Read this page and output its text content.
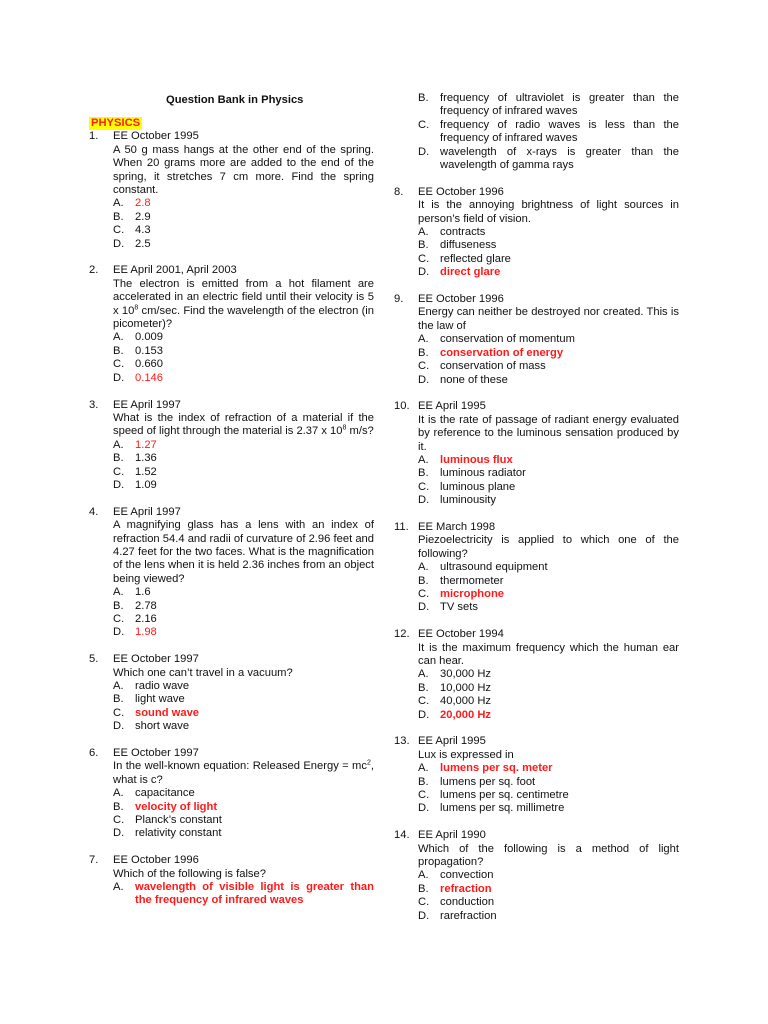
Question Bank in Physics
PHYSICS
1. EE October 1995
A 50 g mass hangs at the other end of the spring. When 20 grams more are added to the end of the spring, it stretches 7 cm more. Find the spring constant.
A. 2.8
B. 2.9
C. 4.3
D. 2.5
2. EE April 2001, April 2003
The electron is emitted from a hot filament are accelerated in an electric field until their velocity is 5 x $10^8$ cm/sec. Find the wavelength of the electron (in picometer)?
A. 0.009
B. 0.153
C. 0.660
D. 0.146
3. EE April 1997
What is the index of refraction of a material if the speed of light through the material is 2.37 x $10^8$ m/s?
A. 1.27
B. 1.36
C. 1.52
D. 1.09
4. EE April 1997
A magnifying glass has a lens with an index of refraction 54.4 and radii of curvature of 2.96 feet and 4.27 feet for the two faces. What is the magnification of the lens when it is held 2.36 inches from an object being viewed?
A. 1.6
B. 2.78
C. 2.16
D. 1.98
5. EE October 1997
Which one can’t travel in a vacuum?
A. radio wave
B. light wave
C. sound wave
D. short wave
6. EE October 1997
In the well-known equation: Released Energy = $mc^2$, what is c?
A. capacitance
B. velocity of light
C. Planck’s constant
D. relativity constant
7. EE October 1996
Which of the following is false?
A. wavelength of visible light is greater than the frequency of infrared waves
B. frequency of ultraviolet is greater than the frequency of infrared waves
C. frequency of radio waves is less than the frequency of infrared waves
D. wavelength of x-rays is greater than the wavelength of gamma rays
8. EE October 1996
It is the annoying brightness of light sources in person’s field of vision.
A. contracts
B. diffuseness
C. reflected glare
D. direct glare
9. EE October 1996
Energy can neither be destroyed nor created. This is the law of
A. conservation of momentum
B. conservation of energy
C. conservation of mass
D. none of these
10. EE April 1995
It is the rate of passage of radiant energy evaluated by reference to the luminous sensation produced by it.
A. luminous flux
B. luminous radiator
C. luminous plane
D. luminousity
11. EE March 1998
Piezoelectricity is applied to which one of the following?
A. ultrasound equipment
B. thermometer
C. microphone
D. TV sets
12. EE October 1994
It is the maximum frequency which the human ear can hear.
A. 30,000 Hz
B. 10,000 Hz
C. 40,000 Hz
D. 20,000 Hz
13. EE April 1995
Lux is expressed in
A. lumens per sq. meter
B. lumens per sq. foot
C. lumens per sq. centimetre
D. lumens per sq. millimetre
14. EE April 1990
Which of the following is a method of light propagation?
A. convection
B. refraction
C. conduction
D. rarefraction
